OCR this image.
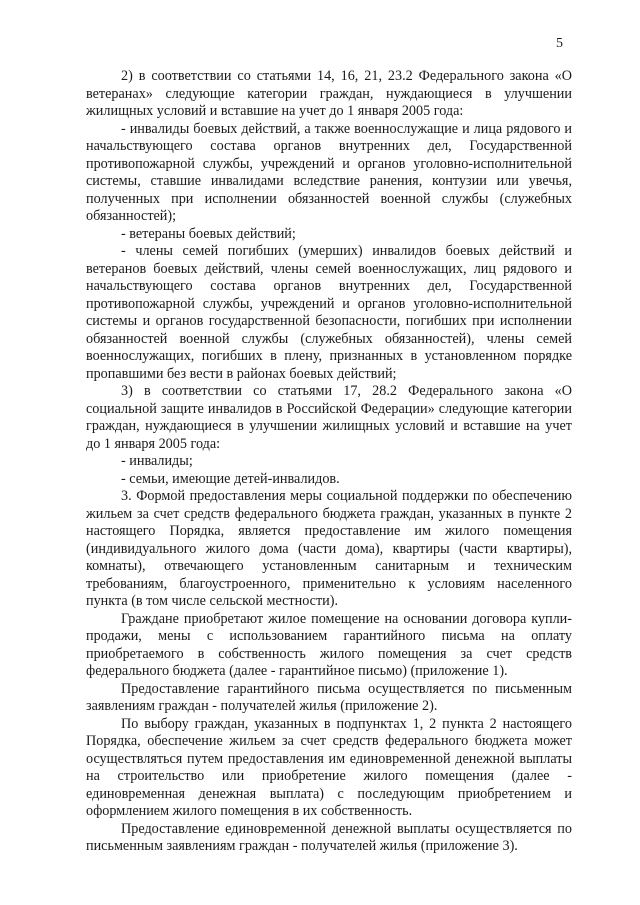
5

2) в соответствии со статьями 14, 16, 21, 23.2 Федерального закона «О ветеранах» следующие категории граждан, нуждающиеся в улучшении жилищных условий и вставшие на учет до 1 января 2005 года:

- инвалиды боевых действий, а также военнослужащие и лица рядового и начальствующего состава органов внутренних дел, Государственной противопожарной службы, учреждений и органов уголовно-исполнительной системы, ставшие инвалидами вследствие ранения, контузии или увечья, полученных при исполнении обязанностей военной службы (служебных обязанностей);

- ветераны боевых действий;

- члены семей погибших (умерших) инвалидов боевых действий и ветеранов боевых действий, члены семей военнослужащих, лиц рядового и начальствующего состава органов внутренних дел, Государственной противопожарной службы, учреждений и органов уголовно-исполнительной системы и органов государственной безопасности, погибших при исполнении обязанностей военной службы (служебных обязанностей), члены семей военнослужащих, погибших в плену, признанных в установленном порядке пропавшими без вести в районах боевых действий;

3) в соответствии со статьями 17, 28.2 Федерального закона «О социальной защите инвалидов в Российской Федерации» следующие категории граждан, нуждающиеся в улучшении жилищных условий и вставшие на учет до 1 января 2005 года:

- инвалиды;

- семьи, имеющие детей-инвалидов.

3. Формой предоставления меры социальной поддержки по обеспечению жильем за счет средств федерального бюджета граждан, указанных в пункте 2 настоящего Порядка, является предоставление им жилого помещения (индивидуального жилого дома (части дома), квартиры (части квартиры), комнаты), отвечающего установленным санитарным и техническим требованиям, благоустроенного, применительно к условиям населенного пункта (в том числе сельской местности).

Граждане приобретают жилое помещение на основании договора купли-продажи, мены с использованием гарантийного письма на оплату приобретаемого в собственность жилого помещения за счет средств федерального бюджета (далее - гарантийное письмо) (приложение 1).

Предоставление гарантийного письма осуществляется по письменным заявлениям граждан - получателей жилья (приложение 2).

По выбору граждан, указанных в подпунктах 1, 2 пункта 2 настоящего Порядка, обеспечение жильем за счет средств федерального бюджета может осуществляться путем предоставления им единовременной денежной выплаты на строительство или приобретение жилого помещения (далее - единовременная денежная выплата) с последующим приобретением и оформлением жилого помещения в их собственность.

Предоставление единовременной денежной выплаты осуществляется по письменным заявлениям граждан - получателей жилья (приложение 3).
